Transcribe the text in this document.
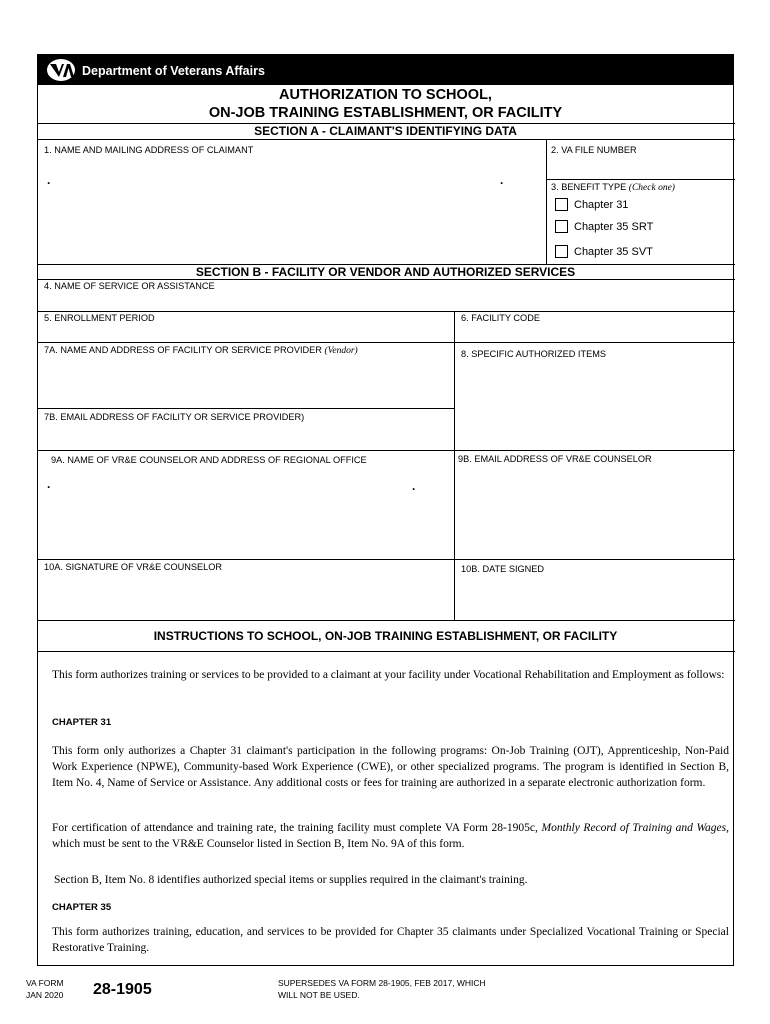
Department of Veterans Affairs
AUTHORIZATION TO SCHOOL,
ON-JOB TRAINING ESTABLISHMENT, OR FACILITY
SECTION A - CLAIMANT'S IDENTIFYING DATA
1. NAME AND MAILING ADDRESS OF CLAIMANT
.	.
2. VA FILE NUMBER
3. BENEFIT TYPE (Check one)
Chapter 31
Chapter 35 SRT
Chapter 35 SVT
SECTION B - FACILITY OR VENDOR AND AUTHORIZED SERVICES
4. NAME OF SERVICE OR ASSISTANCE
5. ENROLLMENT PERIOD	6. FACILITY CODE
7A. NAME AND ADDRESS OF FACILITY OR SERVICE PROVIDER (Vendor)	8. SPECIFIC AUTHORIZED ITEMS
7B. EMAIL ADDRESS OF FACILITY OR SERVICE PROVIDER)
9A. NAME OF VR&E COUNSELOR AND ADDRESS OF REGIONAL OFFICE
.	.
9B. EMAIL ADDRESS OF VR&E COUNSELOR
10A. SIGNATURE OF VR&E COUNSELOR	10B. DATE SIGNED
INSTRUCTIONS TO SCHOOL, ON-JOB TRAINING ESTABLISHMENT, OR FACILITY
This form authorizes training or services to be provided to a claimant at your facility under Vocational Rehabilitation and Employment as follows:
CHAPTER 31
This form only authorizes a Chapter 31 claimant's participation in the following programs: On-Job Training (OJT), Apprenticeship, Non-Paid Work Experience (NPWE), Community-based Work Experience (CWE), or other specialized programs. The program is identified in Section B, Item No. 4, Name of Service or Assistance. Any additional costs or fees for training are authorized in a separate electronic authorization form.
For certification of attendance and training rate, the training facility must complete VA Form 28-1905c, Monthly Record of Training and Wages, which must be sent to the VR&E Counselor listed in Section B, Item No. 9A of this form.
Section B, Item No. 8 identifies authorized special items or supplies required in the claimant's training.
CHAPTER 35
This form authorizes training, education, and services to be provided for Chapter 35 claimants under Specialized Vocational Training or Special Restorative Training.
VA FORM
JAN 2020 28-1905	SUPERSEDES VA FORM 28-1905, FEB 2017, WHICH
WILL NOT BE USED.
